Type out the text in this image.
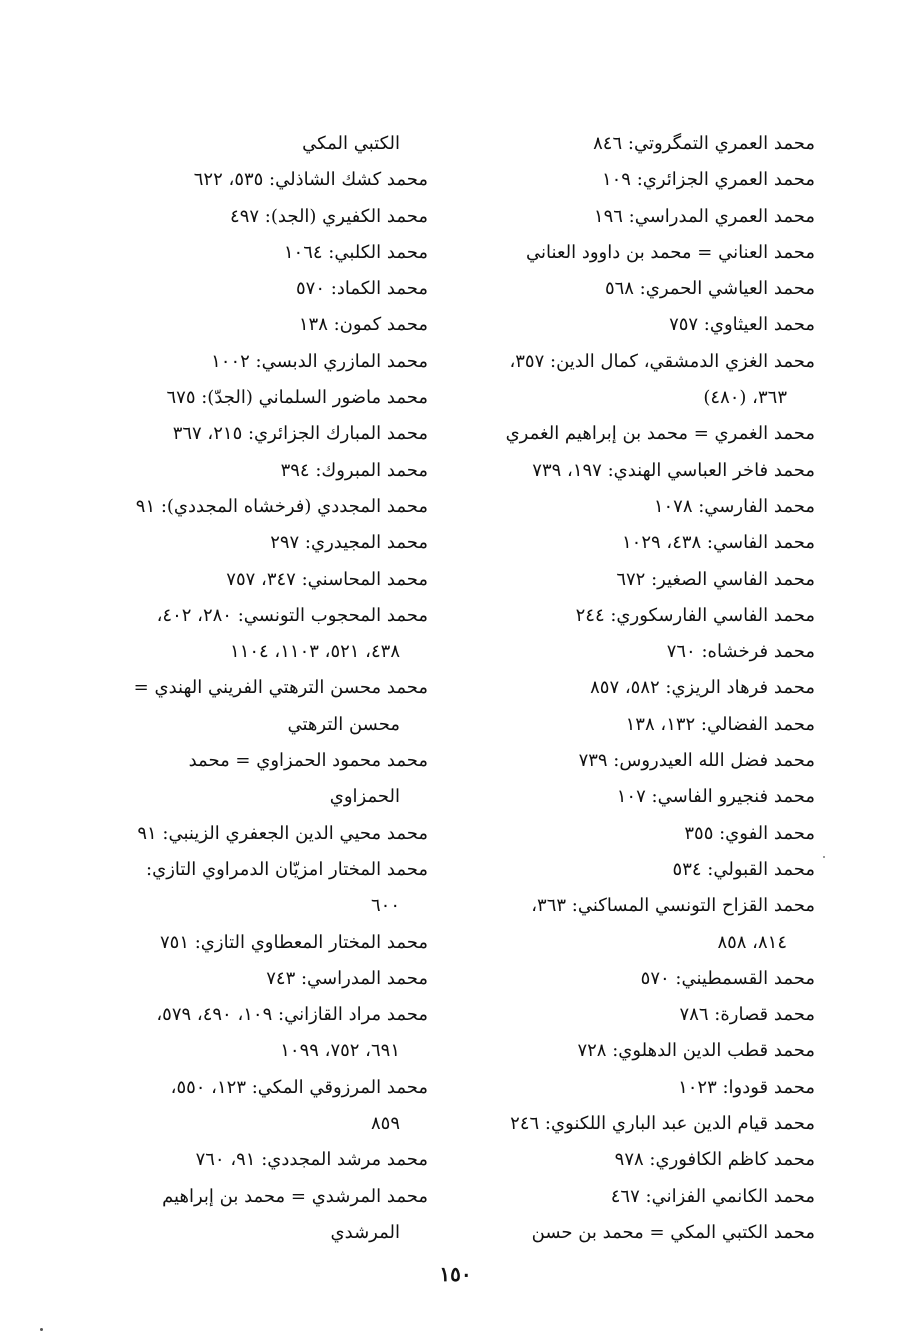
محمد العمري التمگروتي: ٨٤٦
محمد العمري الجزائري: ١٠٩
محمد العمري المدراسي: ١٩٦
محمد العناني = محمد بن داوود العناني
محمد العياشي الحمري: ٥٦٨
محمد العيثاوي: ٧٥٧
محمد الغزي الدمشقي، كمال الدين: ٣٥٧،
٣٦٣، (٤٨٠)
محمد الغمري = محمد بن إبراهيم الغمري
محمد فاخر العباسي الهندي: ١٩٧، ٧٣٩
محمد الفارسي: ١٠٧٨
محمد الفاسي: ٤٣٨، ١٠٢٩
محمد الفاسي الصغير: ٦٧٢
محمد الفاسي الفارسكوري: ٢٤٤
محمد فرخشاه: ٧٦٠
محمد فرهاد الريزي: ٥٨٢، ٨٥٧
محمد الفضالي: ١٣٢، ١٣٨
محمد فضل الله العيدروس: ٧٣٩
محمد فنجيرو الفاسي: ١٠٧
محمد الفوي: ٣٥٥
محمد القبولي: ٥٣٤
محمد القزاح التونسي المساكني: ٣٦٣،
٨١٤، ٨٥٨
محمد القسمطيني: ٥٧٠
محمد قصارة: ٧٨٦
محمد قطب الدين الدهلوي: ٧٢٨
محمد قودوا: ١٠٢٣
محمد قيام الدين عبد الباري اللكنوي: ٢٤٦
محمد كاظم الكافوري: ٩٧٨
محمد الكانمي الفزاني: ٤٦٧
محمد الكتبي المكي = محمد بن حسن
الكتبي المكي
محمد كشك الشاذلي: ٥٣٥، ٦٢٢
محمد الكفيري (الجد): ٤٩٧
محمد الكلبي: ١٠٦٤
محمد الكماد: ٥٧٠
محمد كمون: ١٣٨
محمد المازري الدبسي: ١٠٠٢
محمد ماضور السلماني (الجدّ): ٦٧٥
محمد المبارك الجزائري: ٢١٥، ٣٦٧
محمد المبروك: ٣٩٤
محمد المجددي (فرخشاه المجددي): ٩١
محمد المجيدري: ٢٩٧
محمد المحاسني: ٣٤٧، ٧٥٧
محمد المحجوب التونسي: ٢٨٠، ٤٠٢،
٤٣٨، ٥٢١، ١١٠٣، ١١٠٤
محمد محسن الترهتي الفريني الهندي =
محسن الترهتي
محمد محمود الحمزاوي = محمد
الحمزاوي
محمد محيي الدين الجعفري الزينبي: ٩١
محمد المختار امزيّان الدمراوي التازي:
٦٠٠
محمد المختار المعطاوي التازي: ٧٥١
محمد المدراسي: ٧٤٣
محمد مراد القازاني: ١٠٩، ٤٩٠، ٥٧٩،
٦٩١، ٧٥٢، ١٠٩٩
محمد المرزوقي المكي: ١٢٣، ٥٥٠،
٨٥٩
محمد مرشد المجددي: ٩١، ٧٦٠
محمد المرشدي = محمد بن إبراهيم
المرشدي
١٥٠
